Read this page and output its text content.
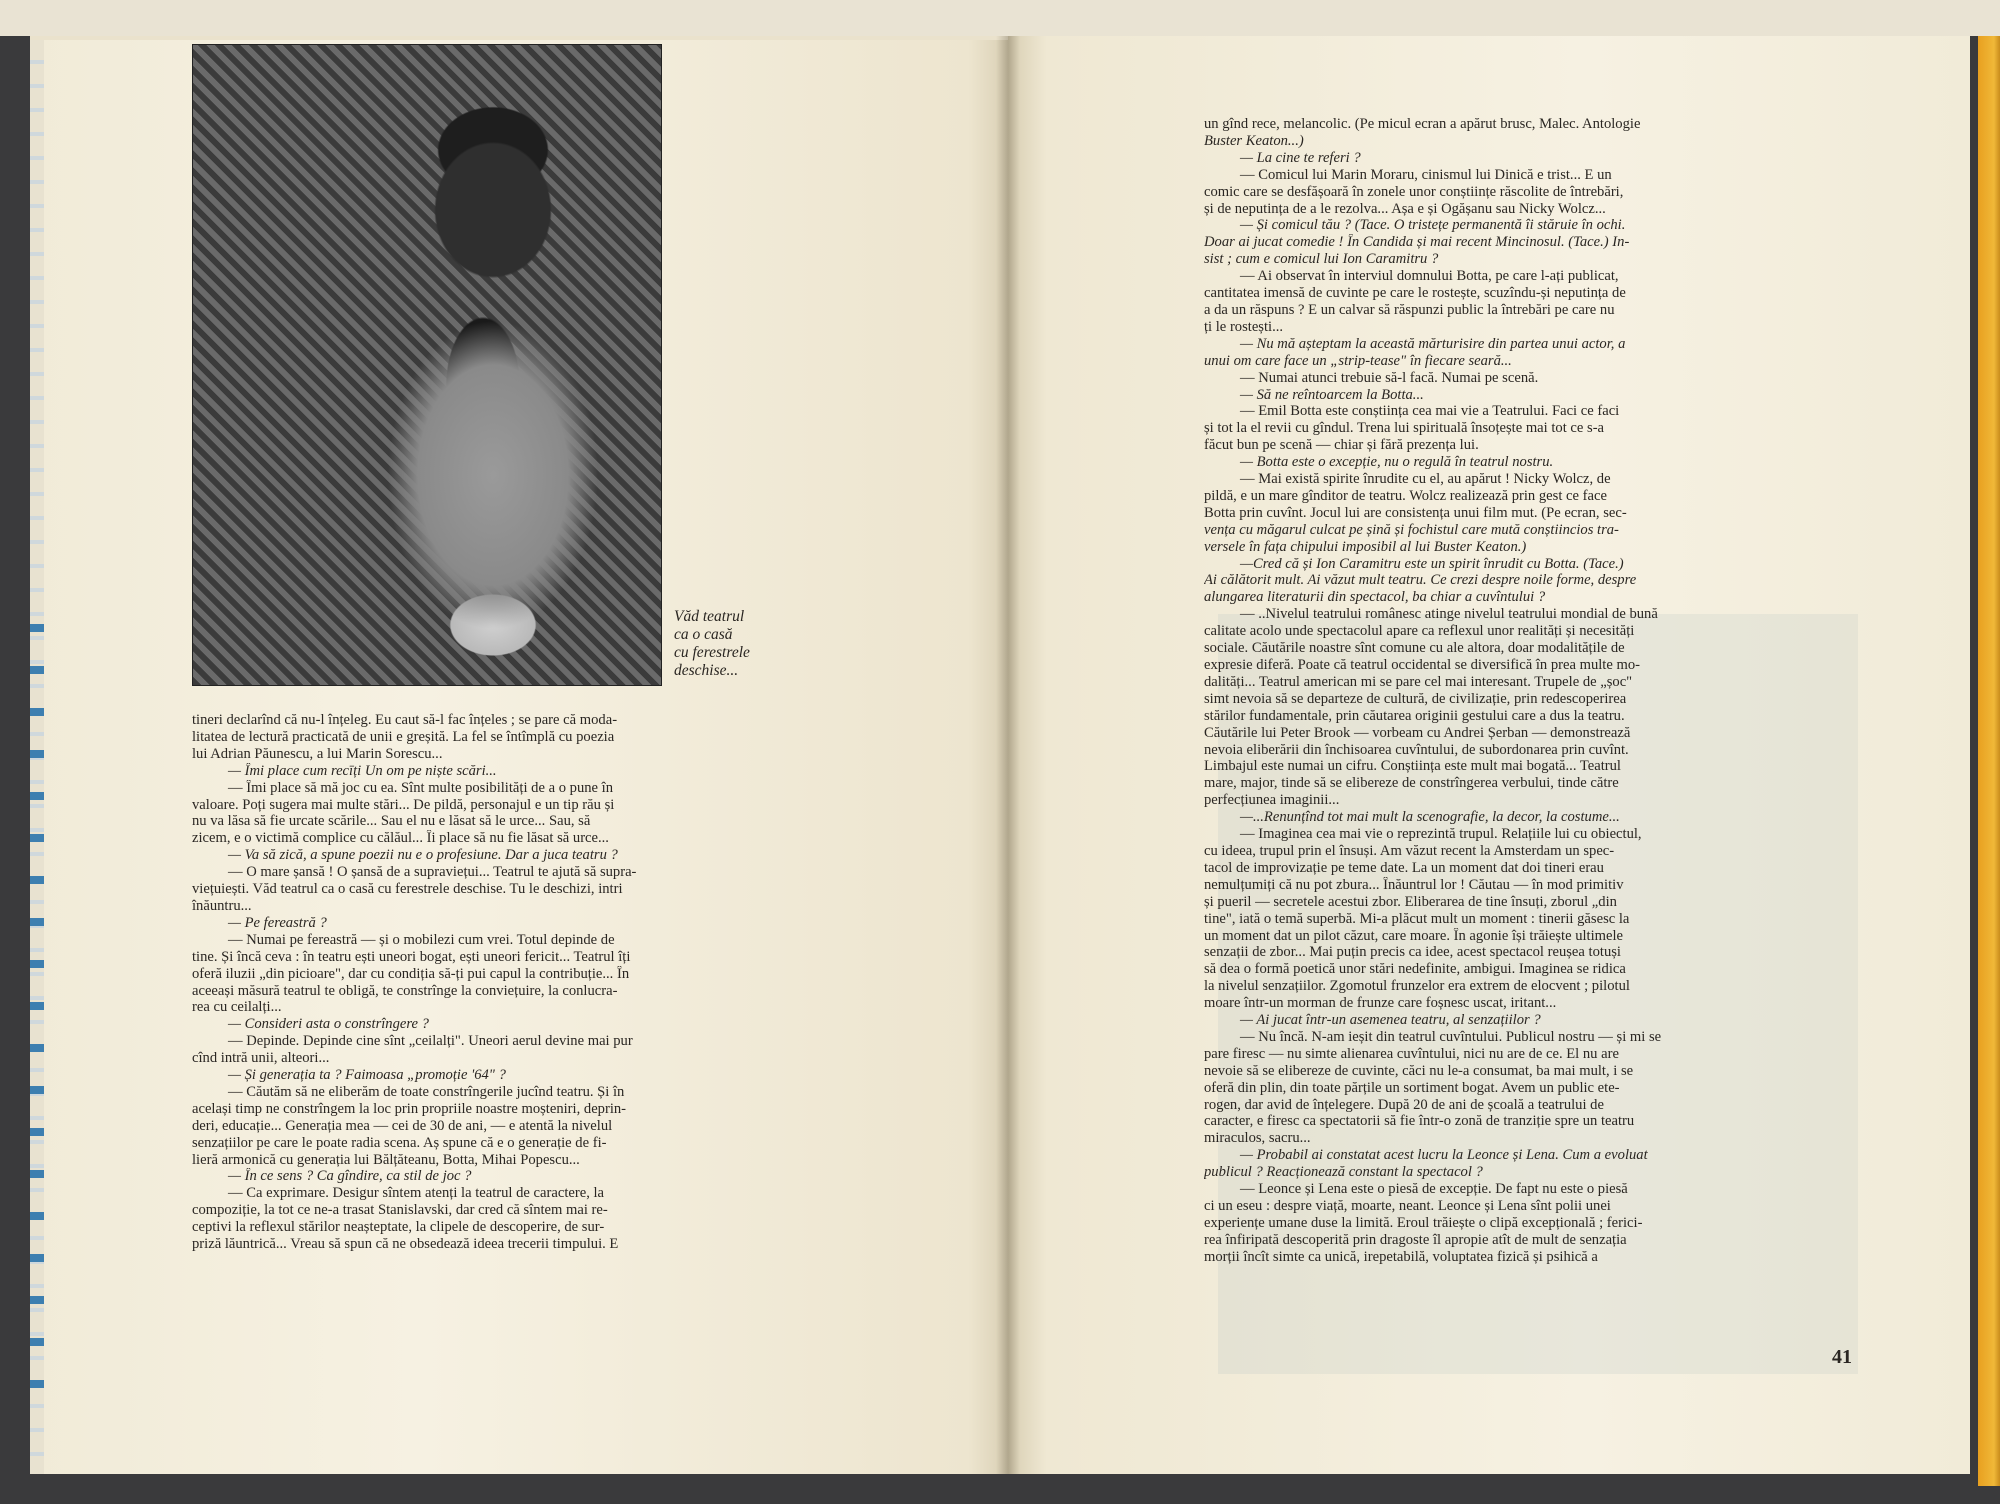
Văd teatrul
ca o casă
cu ferestrele
deschise...
tineri declarînd că nu-l înțeleg. Eu caut să-l fac înțeles ; se pare că moda-
litatea de lectură practicată de unii e greșită. La fel se întîmplă cu poezia
lui Adrian Păunescu, a lui Marin Sorescu...
— Îmi place cum recīți Un om pe niște scări...
— Îmi place să mă joc cu ea. Sînt multe posibilități de a o pune în
valoare. Poți sugera mai multe stări... De pildă, personajul e un tip rău și
nu va lăsa să fie urcate scările... Sau el nu e lăsat să le urce... Sau, să
zicem, e o victimă complice cu călăul... Îi place să nu fie lăsat să urce...
— Va să zică, a spune poezii nu e o profesiune. Dar a juca teatru ?
— O mare șansă ! O șansă de a supraviețui... Teatrul te ajută să supra-
viețuiești. Văd teatrul ca o casă cu ferestrele deschise. Tu le deschizi, intri
înăuntru...
— Pe fereastră ?
— Numai pe fereastră — și o mobilezi cum vrei. Totul depinde de
tine. Și încă ceva : în teatru ești uneori bogat, ești uneori fericit... Teatrul îți
oferă iluzii „din picioare", dar cu condiția să-ți pui capul la contribuție... În
aceeași măsură teatrul te obligă, te constrînge la conviețuire, la conlucra-
rea cu ceilalți...
— Consideri asta o constrîngere ?
— Depinde. Depinde cine sînt „ceilalți". Uneori aerul devine mai pur
cînd intră unii, alteori...
— Și generația ta ? Faimoasa „promoție '64" ?
— Căutăm să ne eliberăm de toate constrîngerile jucînd teatru. Și în
același timp ne constrîngem la loc prin propriile noastre moșteniri, deprin-
deri, educație... Generația mea — cei de 30 de ani, — e atentă la nivelul
senzațiilor pe care le poate radia scena. Aș spune că e o generație de fi-
lieră armonică cu generația lui Bălțăteanu, Botta, Mihai Popescu...
— În ce sens ? Ca gîndire, ca stil de joc ?
— Ca exprimare. Desigur sîntem atenți la teatrul de caractere, la
compoziție, la tot ce ne-a trasat Stanislavski, dar cred că sîntem mai re-
ceptivi la reflexul stărilor neașteptate, la clipele de descoperire, de sur-
priză lăuntrică... Vreau să spun că ne obsedează ideea trecerii timpului. E
un gînd rece, melancolic. (Pe micul ecran a apărut brusc, Malec. Antologie
Buster Keaton...)
— La cine te referi ?
— Comicul lui Marin Moraru, cinismul lui Dinică e trist... E un
comic care se desfășoară în zonele unor conștiințe răscolite de întrebări,
și de neputința de a le rezolva... Așa e și Ogășanu sau Nicky Wolcz...
— Și comicul tău ? (Tace. O tristețe permanentă îi stăruie în ochi.
Doar ai jucat comedie ! În Candida și mai recent Mincinosul. (Tace.) In-
sist ; cum e comicul lui Ion Caramitru ?
— Ai observat în interviul domnului Botta, pe care l-ați publicat,
cantitatea imensă de cuvinte pe care le rostește, scuzîndu-și neputința de
a da un răspuns ? E un calvar să răspunzi public la întrebări pe care nu
ți le rostești...
— Nu mă așteptam la această mărturisire din partea unui actor, a
unui om care face un „strip-tease" în fiecare seară...
— Numai atunci trebuie să-l facă. Numai pe scenă.
— Să ne reîntoarcem la Botta...
— Emil Botta este conștiința cea mai vie a Teatrului. Faci ce faci
și tot la el revii cu gîndul. Trena lui spirituală însoțește mai tot ce s-a
făcut bun pe scenă — chiar și fără prezența lui.
— Botta este o excepție, nu o regulă în teatrul nostru.
— Mai există spirite înrudite cu el, au apărut ! Nicky Wolcz, de
pildă, e un mare gînditor de teatru. Wolcz realizează prin gest ce face
Botta prin cuvînt. Jocul lui are consistența unui film mut. (Pe ecran, sec-
vența cu măgarul culcat pe șină și fochistul care mută conștiincios tra-
versele în fața chipului imposibil al lui Buster Keaton.)
—Cred că și Ion Caramitru este un spirit înrudit cu Botta. (Tace.)
Ai călătorit mult. Ai văzut mult teatru. Ce crezi despre noile forme, despre
alungarea literaturii din spectacol, ba chiar a cuvîntului ?
— ..Nivelul teatrului românesc atinge nivelul teatrului mondial de bună
calitate acolo unde spectacolul apare ca reflexul unor realități și necesități
sociale. Căutările noastre sînt comune cu ale altora, doar modalitățile de
expresie diferă. Poate că teatrul occidental se diversifică în prea multe mo-
dalități... Teatrul american mi se pare cel mai interesant. Trupele de „șoc"
simt nevoia să se departeze de cultură, de civilizație, prin redescoperirea
stărilor fundamentale, prin căutarea originii gestului care a dus la teatru.
Căutările lui Peter Brook — vorbeam cu Andrei Șerban — demonstrează
nevoia eliberării din închisoarea cuvîntului, de subordonarea prin cuvînt.
Limbajul este numai un cifru. Conștiința este mult mai bogată... Teatrul
mare, major, tinde să se elibereze de constrîngerea verbului, tinde către
perfecțiunea imaginii...
—...Renunțînd tot mai mult la scenografie, la decor, la costume...
— Imaginea cea mai vie o reprezintă trupul. Relațiile lui cu obiectul,
cu ideea, trupul prin el însuși. Am văzut recent la Amsterdam un spec-
tacol de improvizație pe teme date. La un moment dat doi tineri erau
nemulțumiți că nu pot zbura... Înăuntrul lor ! Căutau — în mod primitiv
și pueril — secretele acestui zbor. Eliberarea de tine însuți, zborul „din
tine", iată o temă superbă. Mi-a plăcut mult un moment : tinerii găsesc la
un moment dat un pilot căzut, care moare. În agonie își trăiește ultimele
senzații de zbor... Mai puțin precis ca idee, acest spectacol reușea totuși
să dea o formă poetică unor stări nedefinite, ambigui. Imaginea se ridica
la nivelul senzațiilor. Zgomotul frunzelor era extrem de elocvent ; pilotul
moare într-un morman de frunze care foșnesc uscat, iritant...
— Ai jucat într-un asemenea teatru, al senzațiilor ?
— Nu încă. N-am ieșit din teatrul cuvîntului. Publicul nostru — și mi se
pare firesc — nu simte alienarea cuvîntului, nici nu are de ce. El nu are
nevoie să se elibereze de cuvinte, căci nu le-a consumat, ba mai mult, i se
oferă din plin, din toate părțile un sortiment bogat. Avem un public ete-
rogen, dar avid de înțelegere. După 20 de ani de școală a teatrului de
caracter, e firesc ca spectatorii să fie într-o zonă de tranziție spre un teatru
miraculos, sacru...
— Probabil ai constatat acest lucru la Leonce și Lena. Cum a evoluat
publicul ? Reacționează constant la spectacol ?
— Leonce și Lena este o piesă de excepție. De fapt nu este o piesă
ci un eseu : despre viață, moarte, neant. Leonce și Lena sînt polii unei
experiențe umane duse la limită. Eroul trăiește o clipă excepțională ; ferici-
rea înfiripată descoperită prin dragoste îl apropie atît de mult de senzația
morții încît simte ca unică, irepetabilă, voluptatea fizică și psihică a
41
